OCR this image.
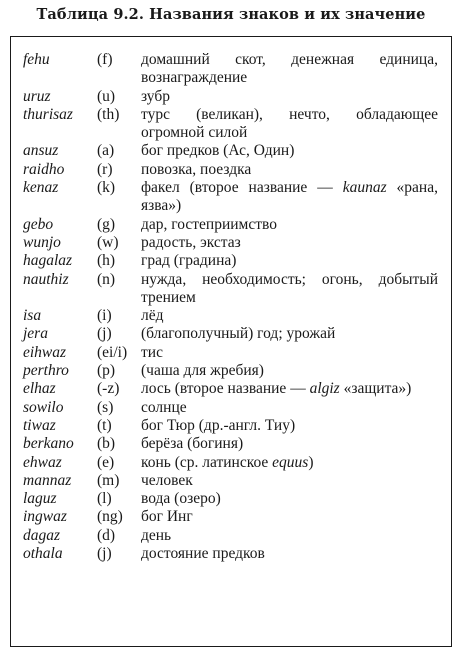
Таблица 9.2. Названия знаков и их значение
fehu	(f)	домашний скот, денежная единица, вознаграждение
uruz	(u)	зубр
thurisaz	(th)	турс (великан), нечто, обладающее огромной силой
ansuz	(a)	бог предков (Ас, Один)
raidho	(r)	повозка, поездка
kenaz	(k)	факел (второе название — kaunaz «рана, язва»)
gebo	(g)	дар, гостеприимство
wunjo	(w)	радость, экстаз
hagalaz	(h)	град (градина)
nauthiz	(n)	нужда, необходимость; огонь, добытый трением
isa	(i)	лёд
jera	(j)	(благополучный) год; урожай
eihwaz	(ei/i) тис
perthro	(p)	(чаша для жребия)
elhaz	(-z)	лось (второе название — algiz «защита»)
sowilo	(s)	солнце
tiwaz	(t)	бог Тюр (др.-англ. Тиу)
berkano	(b)	берёза (богиня)
ehwaz	(e)	конь (ср. латинское equus)
mannaz	(m)	человек
laguz	(l)	вода (озеро)
ingwaz	(ng)	бог Инг
dagaz	(d)	день
othala	(j)	достояние предков
